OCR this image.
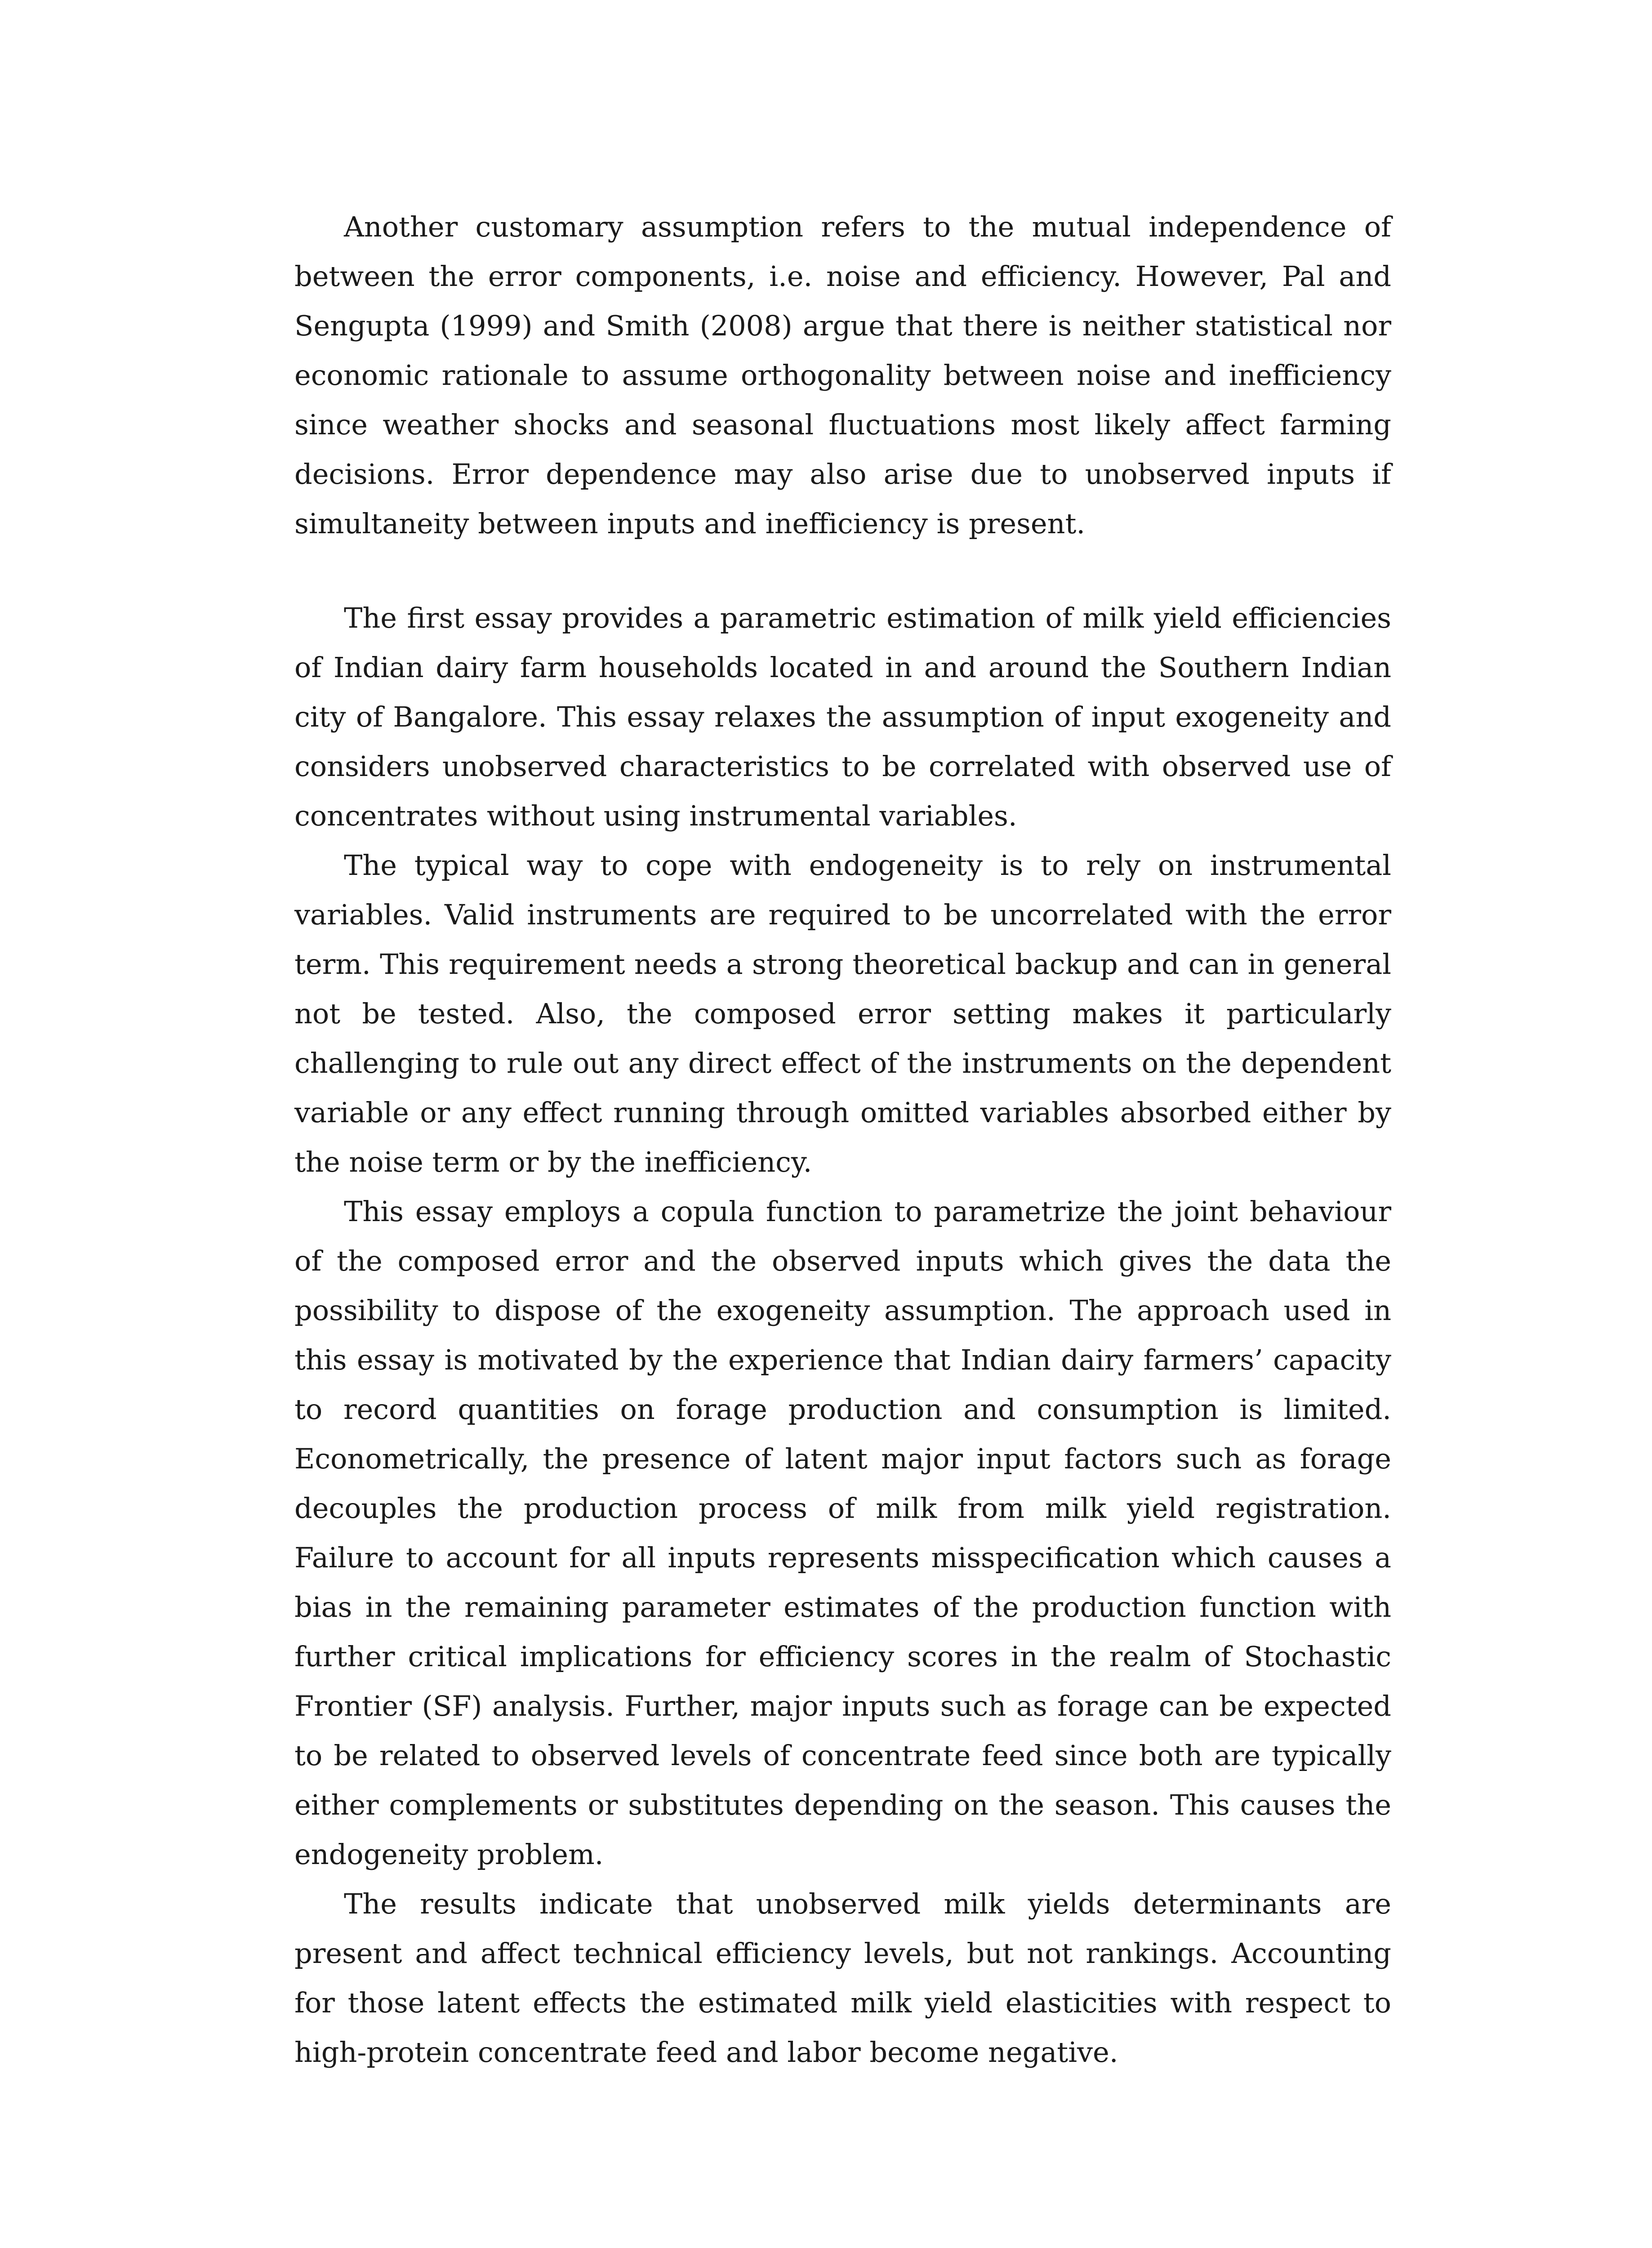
Another customary assumption refers to the mutual independence of between the error components, i.e. noise and efficiency. However, Pal and Sengupta (1999) and Smith (2008) argue that there is neither statistical nor economic rationale to assume orthogonality between noise and inefficiency since weather shocks and seasonal fluctuations most likely affect farming decisions. Error dependence may also arise due to unobserved inputs if simultaneity between inputs and inefficiency is present.

The first essay provides a parametric estimation of milk yield efficiencies of Indian dairy farm households located in and around the Southern Indian city of Bangalore. This essay relaxes the assumption of input exogeneity and considers unobserved characteristics to be correlated with observed use of concentrates without using instrumental variables.

The typical way to cope with endogeneity is to rely on instrumental variables. Valid instruments are required to be uncorrelated with the error term. This requirement needs a strong theoretical backup and can in general not be tested. Also, the composed error setting makes it particularly challenging to rule out any direct effect of the instruments on the dependent variable or any effect running through omitted variables absorbed either by the noise term or by the inefficiency.

This essay employs a copula function to parametrize the joint behaviour of the composed error and the observed inputs which gives the data the possibility to dispose of the exogeneity assumption. The approach used in this essay is motivated by the experience that Indian dairy farmers’ capacity to record quantities on forage production and consumption is limited. Econometrically, the presence of latent major input factors such as forage decouples the production process of milk from milk yield registration. Failure to account for all inputs represents misspecification which causes a bias in the remaining parameter estimates of the production function with further critical implications for efficiency scores in the realm of Stochastic Frontier (SF) analysis. Further, major inputs such as forage can be expected to be related to observed levels of concentrate feed since both are typically either complements or substitutes depending on the season. This causes the endogeneity problem.

The results indicate that unobserved milk yields determinants are present and affect technical efficiency levels, but not rankings. Accounting for those latent effects the estimated milk yield elasticities with respect to high-protein concentrate feed and labor become negative.
